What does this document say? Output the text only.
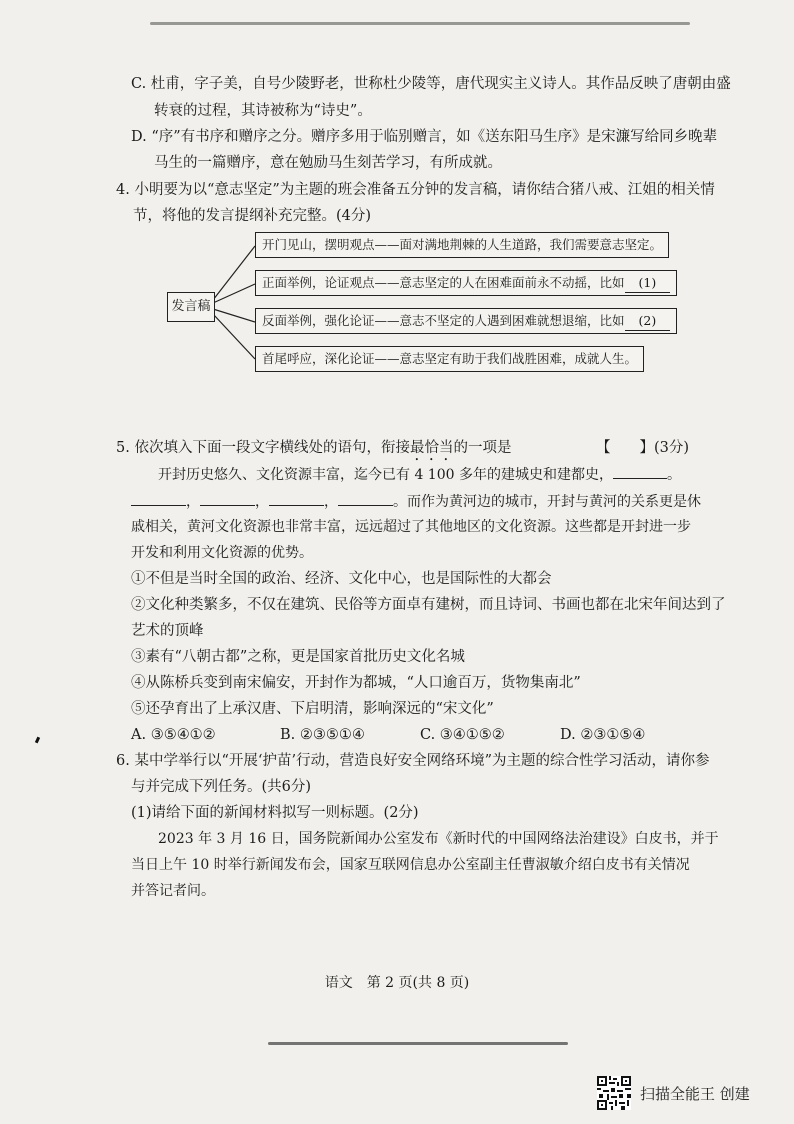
C. 杜甫，字子美，自号少陵野老，世称杜少陵等，唐代现实主义诗人。其作品反映了唐朝由盛
转衰的过程，其诗被称为“诗史”。
D. “序”有书序和赠序之分。赠序多用于临别赠言，如《送东阳马生序》是宋濂写给同乡晚辈
马生的一篇赠序，意在勉励马生刻苦学习，有所成就。
4. 小明要为以“意志坚定”为主题的班会准备五分钟的发言稿，请你结合猪八戒、江姐的相关情
节，将他的发言提纲补充完整。(4分)
发言稿
开门见山，摆明观点——面对满地荆棘的人生道路，我们需要意志坚定。
正面举例，论证观点——意志坚定的人在困难面前永不动摇，比如 (1)
反面举例，强化论证——意志不坚定的人遇到困难就想退缩，比如 (2)
首尾呼应，深化论证——意志坚定有助于我们战胜困难，成就人生。
5. 依次填入下面一段文字横线处的语句，衔接最恰当的一项是	【　　】(3分)
开封历史悠久、文化资源丰富，迄今已有 4 100 多年的建城史和建都史，	。
，	，	，	。而作为黄河边的城市，开封与黄河的关系更是休
戚相关，黄河文化资源也非常丰富，远远超过了其他地区的文化资源。这些都是开封进一步
开发和利用文化资源的优势。
①不但是当时全国的政治、经济、文化中心，也是国际性的大都会
②文化种类繁多，不仅在建筑、民俗等方面卓有建树，而且诗词、书画也都在北宋年间达到了
艺术的顶峰
③素有“八朝古都”之称，更是国家首批历史文化名城
④从陈桥兵变到南宋偏安，开封作为都城，“人口逾百万，货物集南北”
⑤还孕育出了上承汉唐、下启明清，影响深远的“宋文化”
A. ③⑤④①②	B. ②③⑤①④	C. ③④①⑤②	D. ②③①⑤④
6. 某中学举行以“开展‘护苗’行动，营造良好安全网络环境”为主题的综合性学习活动，请你参
与并完成下列任务。(共6分)
(1)请给下面的新闻材料拟写一则标题。(2分)
2023 年 3 月 16 日，国务院新闻办公室发布《新时代的中国网络法治建设》白皮书，并于
当日上午 10 时举行新闻发布会，国家互联网信息办公室副主任曹淑敏介绍白皮书有关情况
并答记者问。
语文　第 2 页(共 8 页)
扫描全能王 创建
